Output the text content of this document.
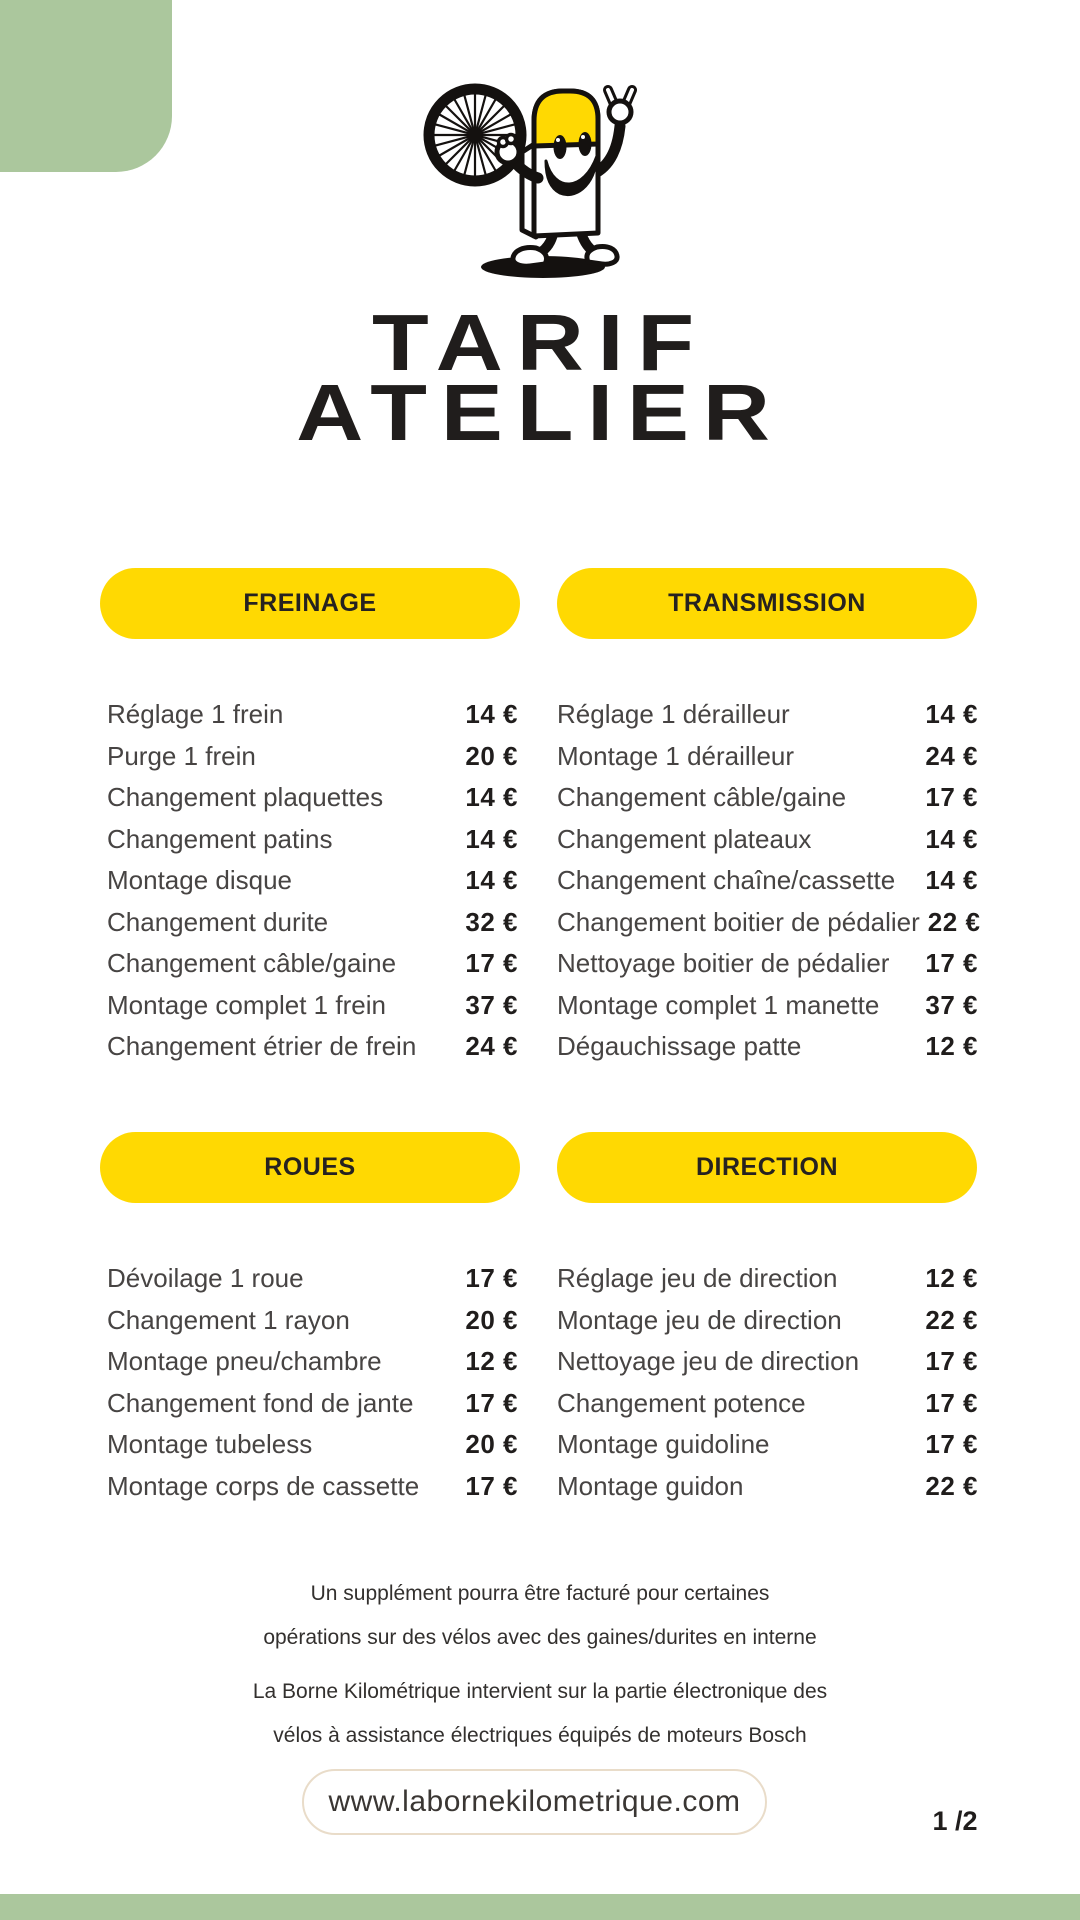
TARIF
ATELIER
FREINAGE	TRANSMISSION
Réglage 1 frein	14 €
Purge 1 frein	20 €
Changement plaquettes	14 €
Changement patins	14 €
Montage disque	14 €
Changement durite	32 €
Changement câble/gaine	17 €
Montage complet 1 frein	37 €
Changement étrier de frein	24 €
Réglage 1 dérailleur	14 €
Montage 1 dérailleur	24 €
Changement câble/gaine	17 €
Changement plateaux	14 €
Changement chaîne/cassette	14 €
Changement boitier de pédalier 22 €
Nettoyage boitier de pédalier	17 €
Montage complet 1 manette	37 €
Dégauchissage patte	12 €
ROUES	DIRECTION
Dévoilage 1 roue	17 €
Changement 1 rayon	20 €
Montage pneu/chambre	12 €
Changement fond de jante	17 €
Montage tubeless	20 €
Montage corps de cassette	17 €
Réglage jeu de direction	12 €
Montage jeu de direction	22 €
Nettoyage jeu de direction	17 €
Changement potence	17 €
Montage guidoline	17 €
Montage guidon	22 €
Un supplément pourra être facturé pour certaines
opérations sur des vélos avec des gaines/durites en interne
La Borne Kilométrique intervient sur la partie électronique des
vélos à assistance électriques équipés de moteurs Bosch
www.labornekilometrique.com
1 /2
